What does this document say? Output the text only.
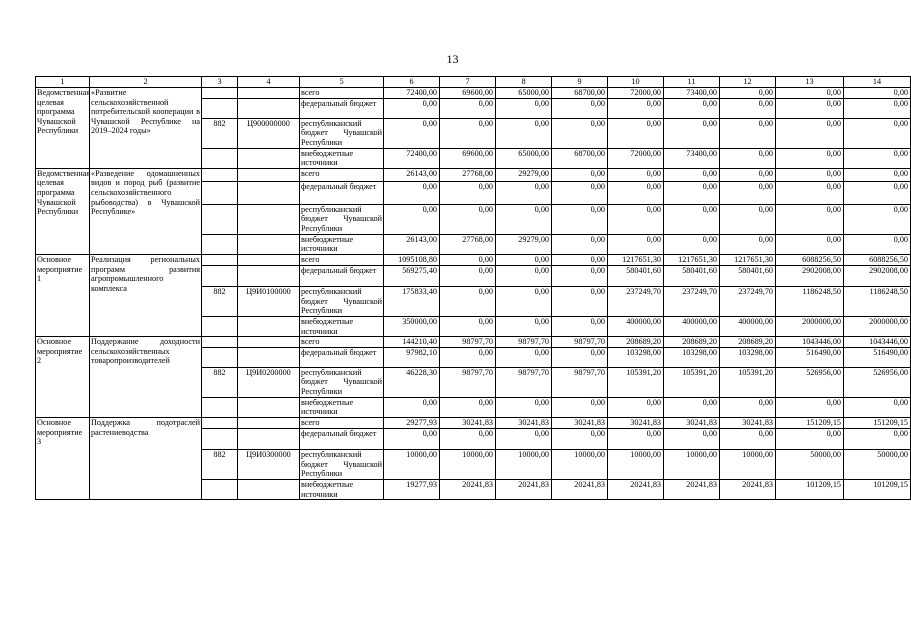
13
1	2	3	4	5	6	7	8	9	10	11	12	13	14
Ведомственная целевая программа Чувашской Республики	«Развитие сельскохозяйственной потребительской кооперации в Чувашской Республике на 2019–2024 годы»			всего	72400,00	69600,00	65000,00	68700,00	72000,00	73400,00	0,00	0,00	0,00
				федеральный бюджет	0,00	0,00	0,00	0,00	0,00	0,00	0,00	0,00	0,00
		882	Ц900000000	республиканский бюджет Чувашской Республики	0,00	0,00	0,00	0,00	0,00	0,00	0,00	0,00	0,00
				внебюджетные источники	72400,00	69600,00	65000,00	68700,00	72000,00	73400,00	0,00	0,00	0,00
Ведомственная целевая программа Чувашской Республики	«Разведение одомашненных видов и пород рыб (развитие сельскохозяйственного рыбоводства) в Чувашской Республике»			всего	26143,00	27768,00	29279,00	0,00	0,00	0,00	0,00	0,00	0,00
				федеральный бюджет	0,00	0,00	0,00	0,00	0,00	0,00	0,00	0,00	0,00
				республиканский бюджет Чувашской Республики	0,00	0,00	0,00	0,00	0,00	0,00	0,00	0,00	0,00
				внебюджетные источники	26143,00	27768,00	29279,00	0,00	0,00	0,00	0,00	0,00	0,00
Основное мероприятие 1	Реализация региональных программ развития агропромышленного комплекса			всего	1095108,80	0,00	0,00	0,00	1217651,30	1217651,30	1217651,30	6088256,50	6088256,50
				федеральный бюджет	569275,40	0,00	0,00	0,00	580401,60	580401,60	580401,60	2902008,00	2902008,00
		882	Ц9И0100000	республиканский бюджет Чувашской Республики	175833,40	0,00	0,00	0,00	237249,70	237249,70	237249,70	1186248,50	1186248,50
				внебюджетные источники	350000,00	0,00	0,00	0,00	400000,00	400000,00	400000,00	2000000,00	2000000,00
Основное мероприятие 2	Поддержание доходности сельскохозяйственных товаропроизводителей			всего	144210,40	98797,70	98797,70	98797,70	208689,20	208689,20	208689,20	1043446,00	1043446,00
				федеральный бюджет	97982,10	0,00	0,00	0,00	103298,00	103298,00	103298,00	516490,00	516490,00
		882	Ц9И0200000	республиканский бюджет Чувашской Республики	46228,30	98797,70	98797,70	98797,70	105391,20	105391,20	105391,20	526956,00	526956,00
				внебюджетные источники	0,00	0,00	0,00	0,00	0,00	0,00	0,00	0,00	0,00
Основное мероприятие 3	Поддержка подотраслей растениеводства			всего	29277,93	30241,83	30241,83	30241,83	30241,83	30241,83	30241,83	151209,15	151209,15
				федеральный бюджет	0,00	0,00	0,00	0,00	0,00	0,00	0,00	0,00	0,00
		882	Ц9И0300000	республиканский бюджет Чувашской Республики	10000,00	10000,00	10000,00	10000,00	10000,00	10000,00	10000,00	50000,00	50000,00
				внебюджетные источники	19277,93	20241,83	20241,83	20241,83	20241,83	20241,83	20241,83	101209,15	101209,15
